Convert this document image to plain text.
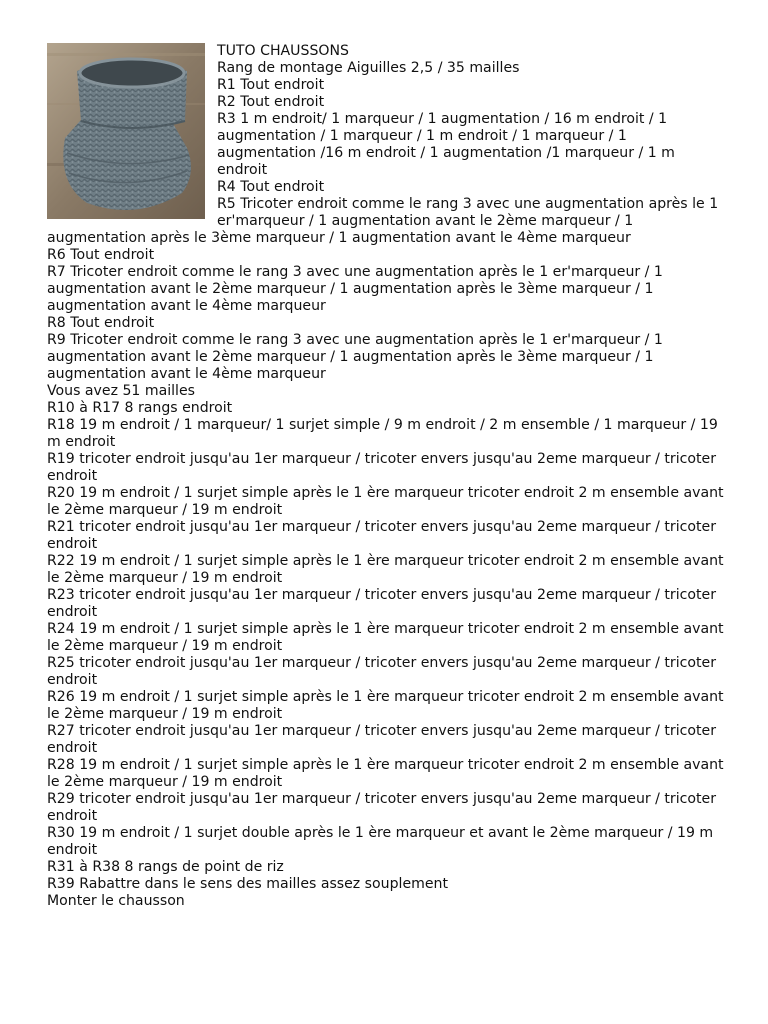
TUTO CHAUSSONS
Rang de montage Aiguilles 2,5 / 35 mailles
R1 Tout endroit
R2 Tout endroit
R3 1 m endroit/ 1 marqueur / 1 augmentation / 16 m endroit / 1 augmentation / 1 marqueur / 1 m endroit / 1 marqueur / 1 augmentation /16 m endroit / 1 augmentation /1 marqueur / 1 m endroit
R4 Tout endroit
R5 Tricoter endroit comme le rang 3 avec une augmentation après le 1 er'marqueur / 1 augmentation avant le 2ème marqueur / 1 augmentation après le 3ème marqueur / 1 augmentation avant le 4ème marqueur
R6 Tout endroit
R7 Tricoter endroit comme le rang 3 avec une augmentation après le 1 er'marqueur / 1 augmentation avant le 2ème marqueur / 1 augmentation après le 3ème marqueur / 1 augmentation avant le 4ème marqueur
R8 Tout endroit
R9 Tricoter endroit comme le rang 3 avec une augmentation après le 1 er'marqueur / 1 augmentation avant le 2ème marqueur / 1 augmentation après le 3ème marqueur / 1 augmentation avant le 4ème marqueur
Vous avez 51 mailles
R10 à R17 8 rangs endroit
R18 19 m endroit / 1 marqueur/ 1 surjet simple / 9 m endroit / 2 m ensemble / 1 marqueur / 19 m endroit
R19 tricoter endroit jusqu'au 1er marqueur / tricoter envers jusqu'au 2eme marqueur / tricoter endroit
R20 19 m endroit / 1 surjet simple après le 1 ère marqueur tricoter endroit 2 m ensemble avant le 2ème marqueur / 19 m endroit
R21 tricoter endroit jusqu'au 1er marqueur / tricoter envers jusqu'au 2eme marqueur / tricoter endroit
R22 19 m endroit / 1 surjet simple après le 1 ère marqueur tricoter endroit 2 m ensemble avant le 2ème marqueur / 19 m endroit
R23 tricoter endroit jusqu'au 1er marqueur / tricoter envers jusqu'au 2eme marqueur / tricoter endroit
R24 19 m endroit / 1 surjet simple après le 1 ère marqueur tricoter endroit 2 m ensemble avant le 2ème marqueur / 19 m endroit
R25 tricoter endroit jusqu'au 1er marqueur / tricoter envers jusqu'au 2eme marqueur / tricoter endroit
R26 19 m endroit / 1 surjet simple après le 1 ère marqueur tricoter endroit 2 m ensemble avant le 2ème marqueur / 19 m endroit
R27 tricoter endroit jusqu'au 1er marqueur / tricoter envers jusqu'au 2eme marqueur / tricoter endroit
R28 19 m endroit / 1 surjet simple après le 1 ère marqueur tricoter endroit 2 m ensemble avant le 2ème marqueur / 19 m endroit
R29 tricoter endroit jusqu'au 1er marqueur / tricoter envers jusqu'au 2eme marqueur / tricoter endroit
R30 19 m endroit / 1 surjet double après le 1 ère marqueur et avant le 2ème marqueur / 19 m endroit
R31 à R38 8 rangs de point de riz
R39 Rabattre dans le sens des mailles assez souplement
Monter le chausson
